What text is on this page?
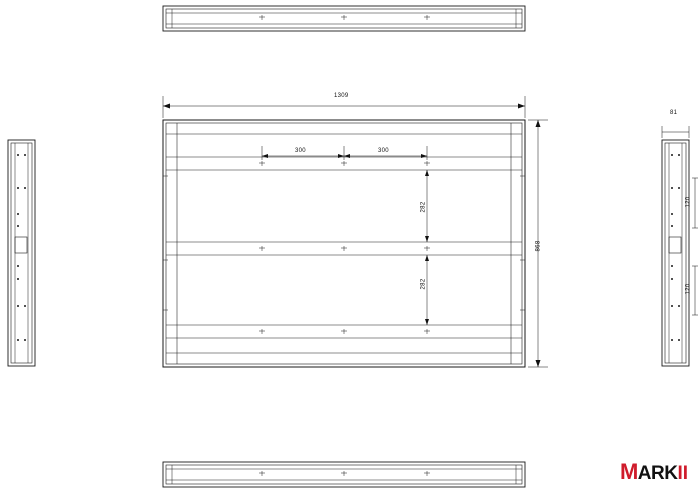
1309
868
300	300
282
282
81
120
120
M ARK II
